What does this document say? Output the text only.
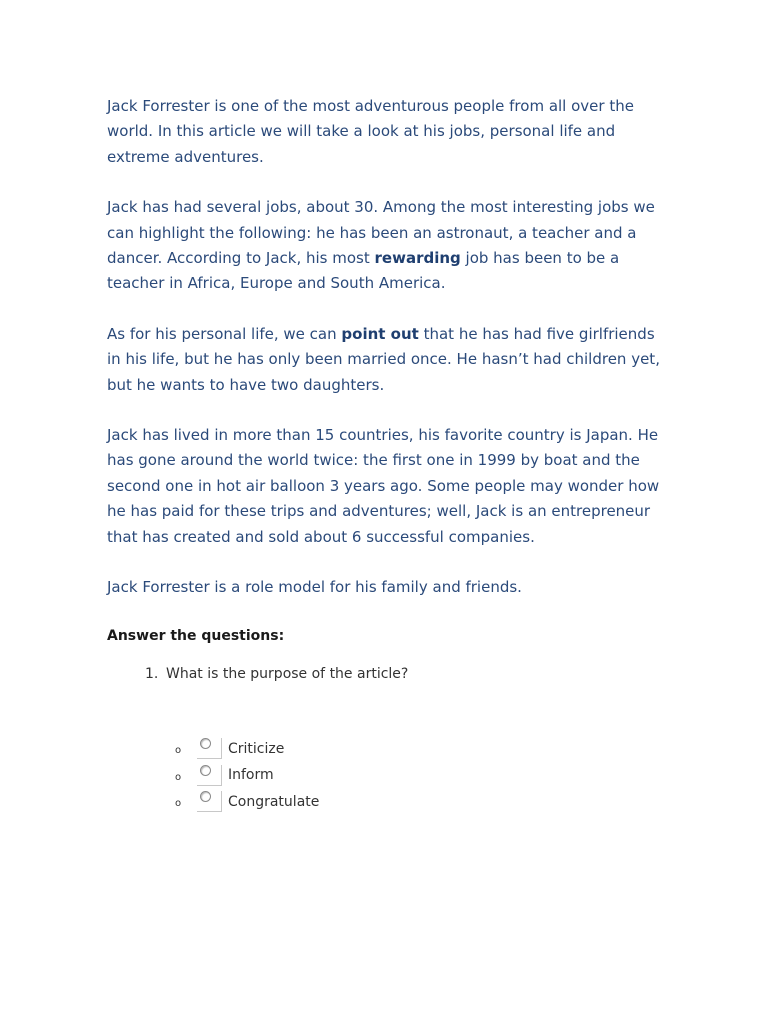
Jack Forrester is one of the most adventurous people from all over the world. In this article we will take a look at his jobs, personal life and extreme adventures.

Jack has had several jobs, about 30. Among the most interesting jobs we can highlight the following: he has been an astronaut, a teacher and a dancer. According to Jack, his most rewarding job has been to be a teacher in Africa, Europe and South America.

As for his personal life, we can point out that he has had five girlfriends in his life, but he has only been married once. He hasn’t had children yet, but he wants to have two daughters.

Jack has lived in more than 15 countries, his favorite country is Japan. He has gone around the world twice: the first one in 1999 by boat and the second one in hot air balloon 3 years ago. Some people may wonder how he has paid for these trips and adventures; well, Jack is an entrepreneur that has created and sold about 6 successful companies.

Jack Forrester is a role model for his family and friends.

Answer the questions:
1. What is the purpose of the article?
o	Criticize
o	Inform
o	Congratulate
